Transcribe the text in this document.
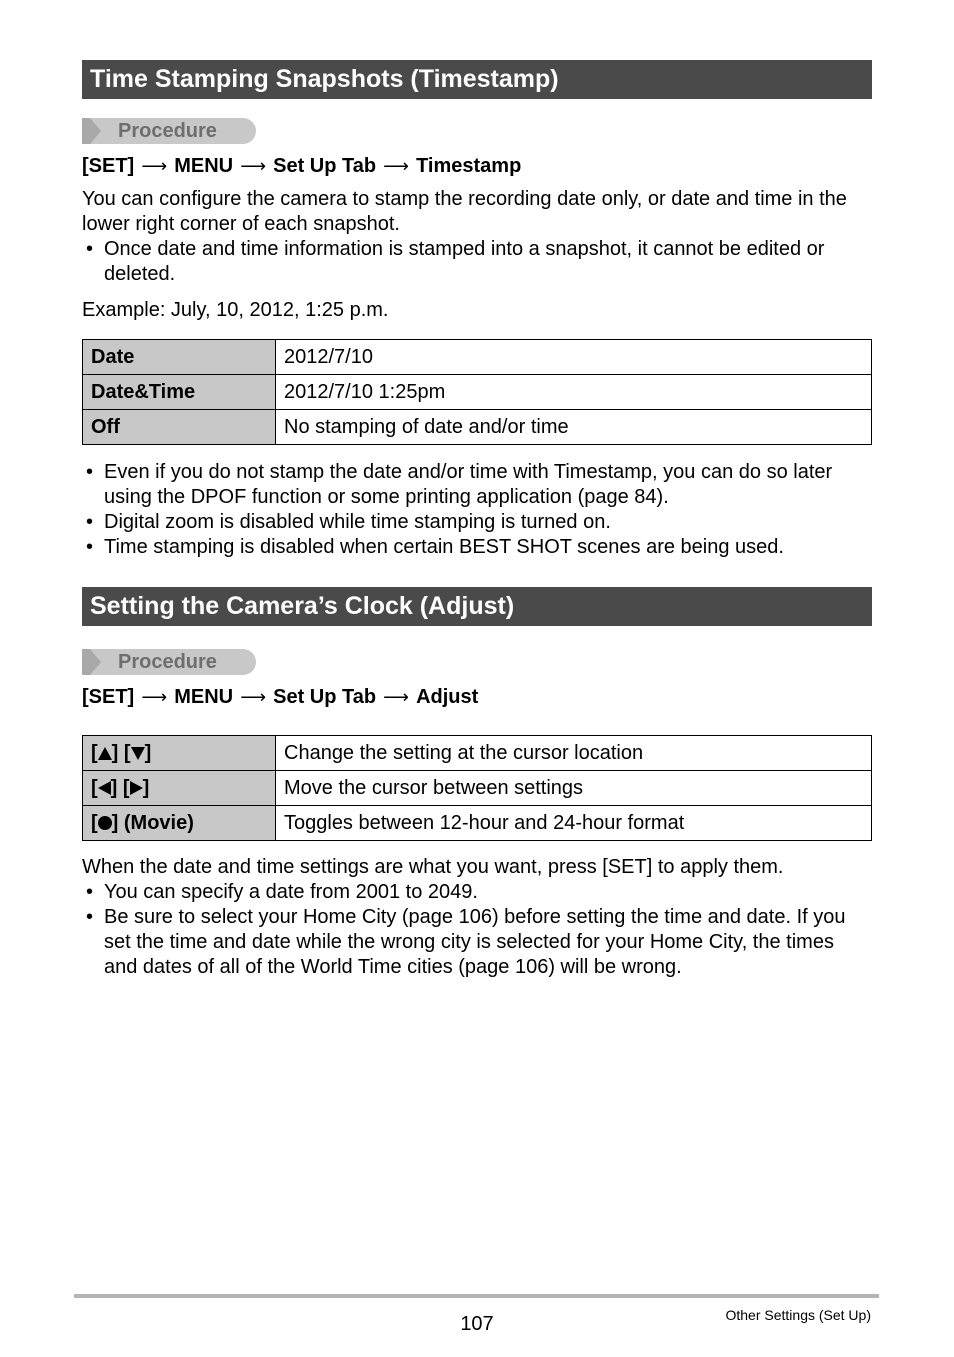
Time Stamping Snapshots (Timestamp)
Procedure
[SET] ⟶ MENU ⟶ Set Up Tab ⟶ Timestamp
You can configure the camera to stamp the recording date only, or date and time in the lower right corner of each snapshot.
• Once date and time information is stamped into a snapshot, it cannot be edited or deleted.
Example: July, 10, 2012, 1:25 p.m.
Date	2012/7/10
Date&Time	2012/7/10 1:25pm
Off	No stamping of date and/or time
• Even if you do not stamp the date and/or time with Timestamp, you can do so later using the DPOF function or some printing application (page 84).
• Digital zoom is disabled while time stamping is turned on.
• Time stamping is disabled when certain BEST SHOT scenes are being used.
Setting the Camera’s Clock (Adjust)
Procedure
[SET] ⟶ MENU ⟶ Set Up Tab ⟶ Adjust
[ ] [ ]	Change the setting at the cursor location
[ ] [ ]	Move the cursor between settings
[ ] (Movie)	Toggles between 12-hour and 24-hour format
When the date and time settings are what you want, press [SET] to apply them.
• You can specify a date from 2001 to 2049.
• Be sure to select your Home City (page 106) before setting the time and date. If you set the time and date while the wrong city is selected for your Home City, the times and dates of all of the World Time cities (page 106) will be wrong.
107	Other Settings (Set Up)
